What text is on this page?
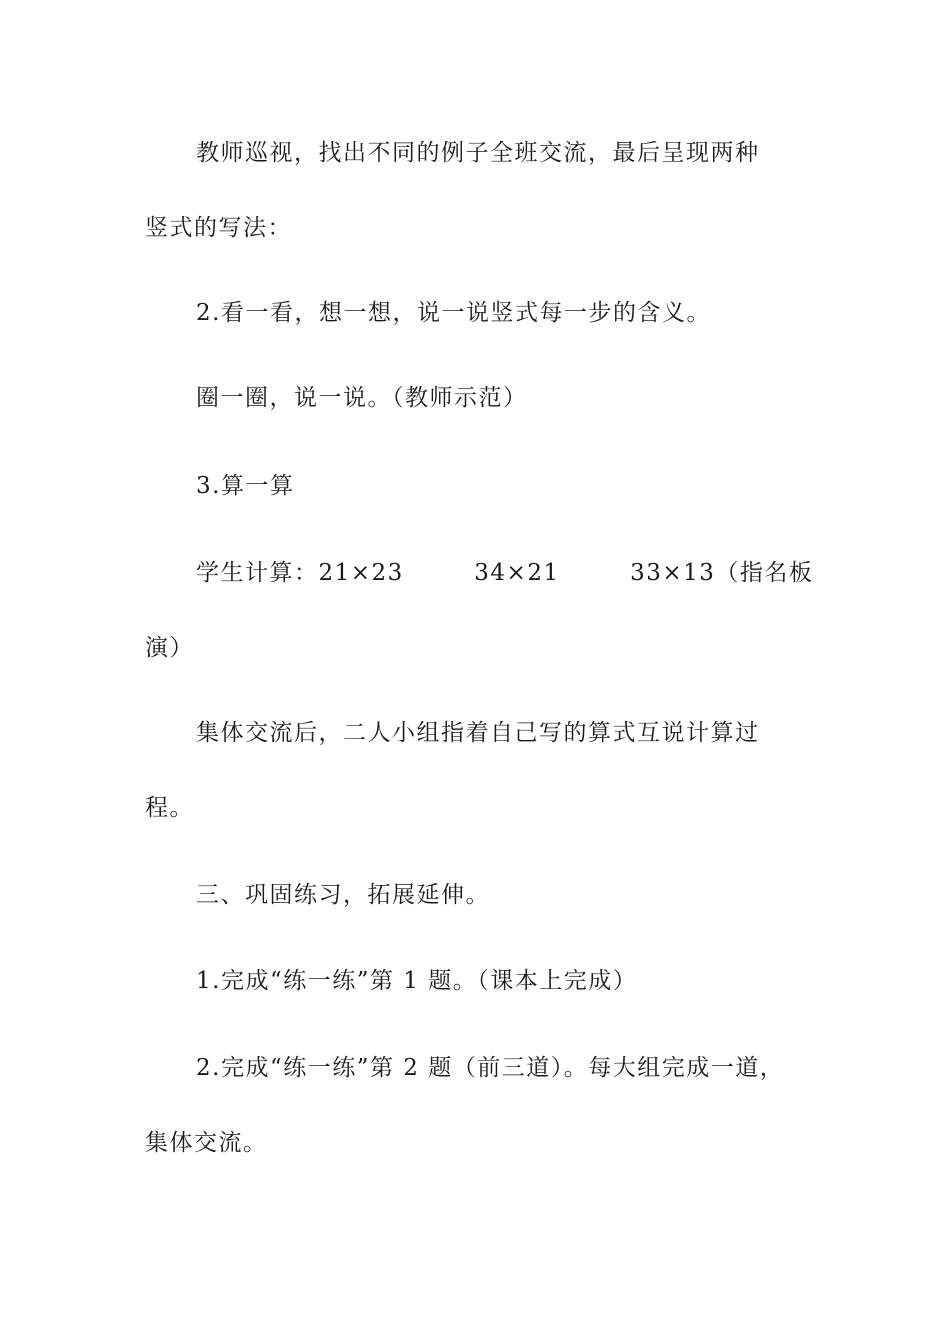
教师巡视，找出不同的例子全班交流，最后呈现两种
竖式的写法：
2.看一看，想一想，说一说竖式每一步的含义。
圈一圈，说一说。（教师示范）
3.算一算
学生计算：21×23        34×21        33×13（指名板
演）
集体交流后，二人小组指着自己写的算式互说计算过
程。
三、巩固练习，拓展延伸。
1.完成“练一练”第 1 题。（课本上完成）
2.完成“练一练”第 2 题（前三道）。每大组完成一道，
集体交流。
